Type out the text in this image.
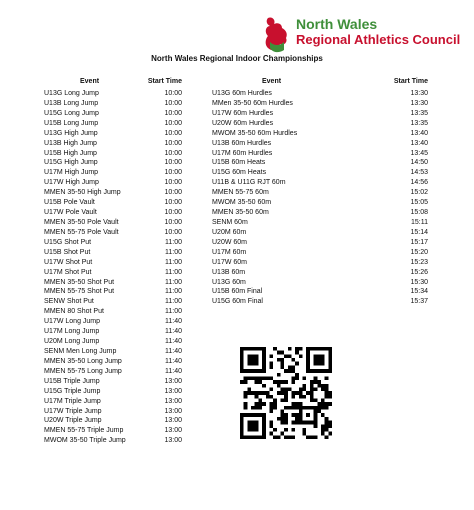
North Wales
Regional Athletics Council
North Wales Regional Indoor Championships
Event	Start Time
U13G Long Jump	10:00
U13B Long Jump	10:00
U15G Long Jump	10:00
U15B Long Jump	10:00
U13G High Jump	10:00
U13B High Jump	10:00
U15B High Jump	10:00
U15G High Jump	10:00
U17M High Jump	10:00
U17W High Jump	10:00
MMEN 35-50 High Jump	10:00
U15B Pole Vault	10:00
U17W Pole Vault	10:00
MMEN 35-50 Pole Vault	10:00
MMEN 55-75 Pole Vault	10:00
U15G Shot Put	11:00
U15B Shot Put	11:00
U17W Shot Put	11:00
U17M Shot Put	11:00
MMEN 35-50 Shot Put	11:00
MMEN 55-75 Shot Put	11:00
SENW Shot Put	11:00
MMEN 80 Shot Put	11:00
U17W Long Jump	11:40
U17M Long Jump	11:40
U20M Long Jump	11:40
SENM Men Long Jump	11:40
MMEN 35-50 Long Jump	11:40
MMEN 55-75 Long Jump	11:40
U15B Triple Jump	13:00
U15G Triple Jump	13:00
U17M Triple Jump	13:00
U17W Triple Jump	13:00
U20W Triple Jump	13:00
MMEN 55-75 Triple Jump	13:00
MWOM 35-50 Triple Jump	13:00
Event	Start Time
U13G 60m Hurdles	13:30
MMen 35-50 60m Hurdles	13:30
U17W 60m Hurdles	13:35
U20W 60m Hurdles	13:35
MWOM 35-50 60m Hurdles	13:40
U13B 60m Hurdles	13:40
U17M 60m Hurdles	13:45
U15B 60m Heats	14:50
U15G 60m Heats	14:53
U11B & U11G RJT 60m	14:56
MMEN 55-75 60m	15:02
MWOM 35-50 60m	15:05
MMEN 35-50 60m	15:08
SENM 60m	15:11
U20M 60m	15:14
U20W 60m	15:17
U17M 60m	15:20
U17W 60m	15:23
U13B 60m	15:26
U13G 60m	15:30
U15B 60m Final	15:34
U15G 60m Final	15:37
